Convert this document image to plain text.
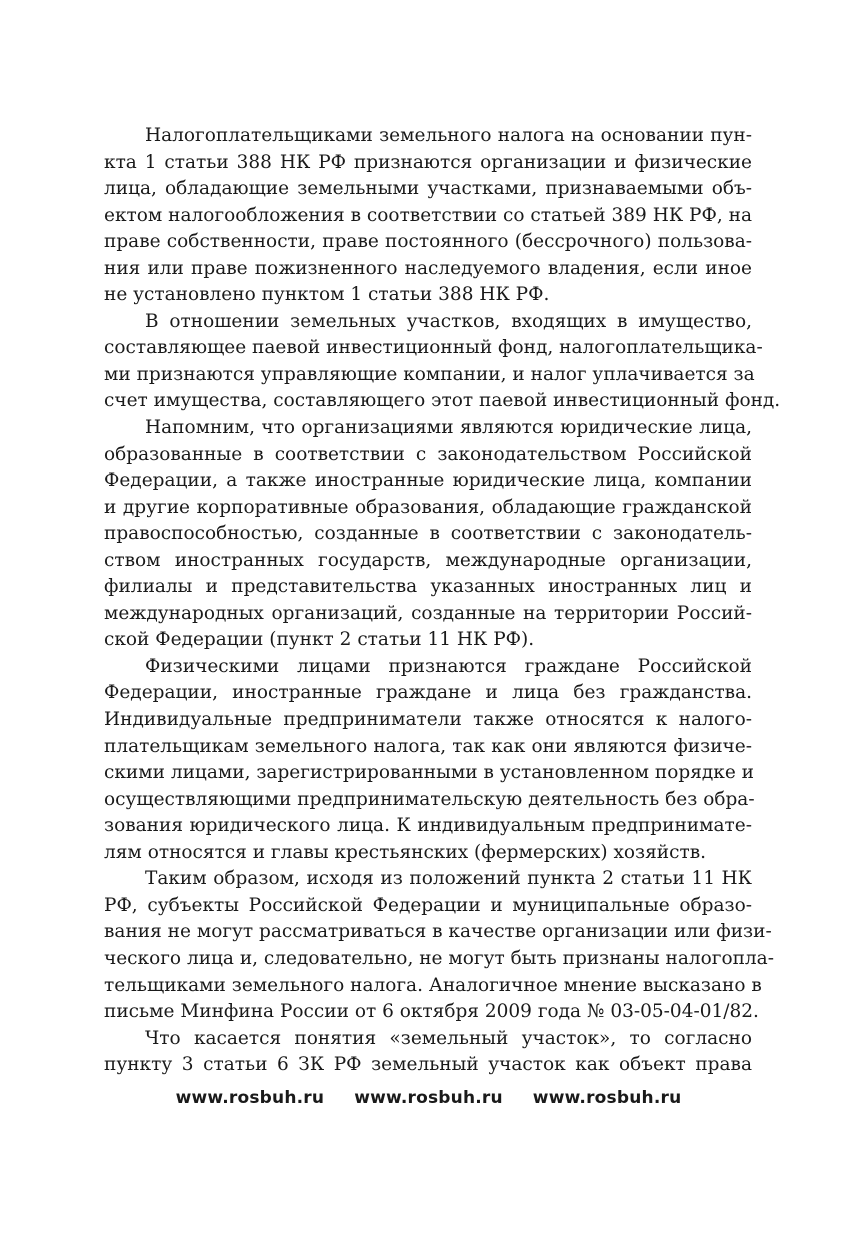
Налогоплательщиками земельного налога на основании пун-
кта 1 статьи 388 НК РФ признаются организации и физические
лица, обладающие земельными участками, признаваемыми объ-
ектом налогообложения в соответствии со статьей 389 НК РФ, на
праве собственности, праве постоянного (бессрочного) пользова-
ния или праве пожизненного наследуемого владения, если иное
не установлено пунктом 1 статьи 388 НК РФ.
В отношении земельных участков, входящих в имущество,
составляющее паевой инвестиционный фонд, налогоплательщика-
ми признаются управляющие компании, и налог уплачивается за
счет имущества, составляющего этот паевой инвестиционный фонд.
Напомним, что организациями являются юридические лица,
образованные в соответствии с законодательством Российской
Федерации, а также иностранные юридические лица, компании
и другие корпоративные образования, обладающие гражданской
правоспособностью, созданные в соответствии с законодатель-
ством иностранных государств, международные организации,
филиалы и представительства указанных иностранных лиц и
международных организаций, созданные на территории Россий-
ской Федерации (пункт 2 статьи 11 НК РФ).
Физическими лицами признаются граждане Российской
Федерации, иностранные граждане и лица без гражданства.
Индивидуальные предприниматели также относятся к налого-
плательщикам земельного налога, так как они являются физиче-
скими лицами, зарегистрированными в установленном порядке и
осуществляющими предпринимательскую деятельность без обра-
зования юридического лица. К индивидуальным предпринимате-
лям относятся и главы крестьянских (фермерских) хозяйств.
Таким образом, исходя из положений пункта 2 статьи 11 НК
РФ, субъекты Российской Федерации и муниципальные образо-
вания не могут рассматриваться в качестве организации или физи-
ческого лица и, следовательно, не могут быть признаны налогопла-
тельщиками земельного налога. Аналогичное мнение высказано в
письме Минфина России от 6 октября 2009 года № 03-05-04-01/82.
Что касается понятия «земельный участок», то согласно
пункту 3 статьи 6 ЗК РФ земельный участок как объект права
www.rosbuh.ru www.rosbuh.ru www.rosbuh.ru
